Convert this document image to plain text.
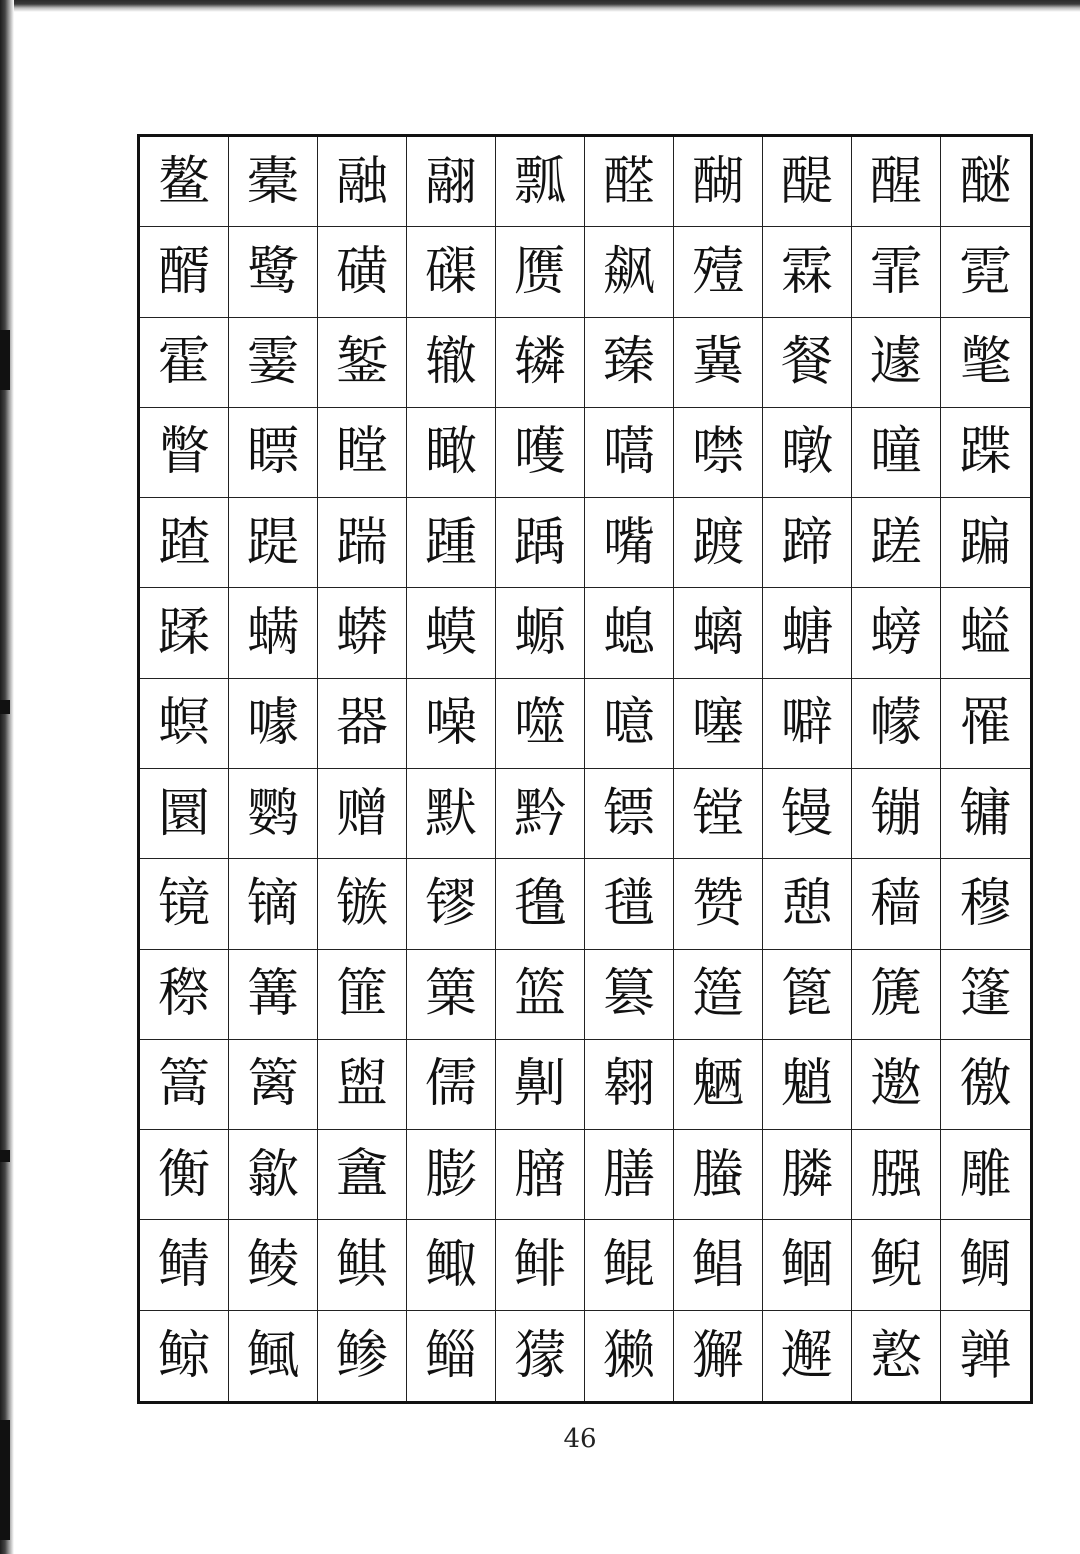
鳌 橐 融 翮 瓢 醛 醐 醍 醒 醚
醑 鹭 磺 磲 赝 飙 殪 霖 霏 霓
霍 霎 錾 辙 辚 臻 冀 餐 遽 氅
瞥 瞟 瞠 瞰 嚄 嚆 噤 暾 曈 蹀
蹅 踶 踹 踵 踽 嘴 踱 蹄 蹉 蹁
蹂 螨 蟒 蟆 螈 螅 螭 螗 螃 螠
螟 噱 器 噪 噬 噫 噻 噼 幪 罹
圜 鹦 赠 默 黔 镖 镗 镘 镚 镛
镜 镝 镞 镠 氇 氆 赞 憩 穑 穆
穄 篝 篚 篥 篮 篡 簉 篦 篪 篷
篙 篱 盥 儒 劓 翱 魉 魈 邀 徼
衡 歙 盦 膨 膪 膳 螣 膦 膙 雕
鲭 鲮 鲯 鲰 鲱 鲲 鲳 鲴 鲵 鲷
鲸 鲺 鲹 鲻 獴 獭 獬 邂 憝 亸
46
